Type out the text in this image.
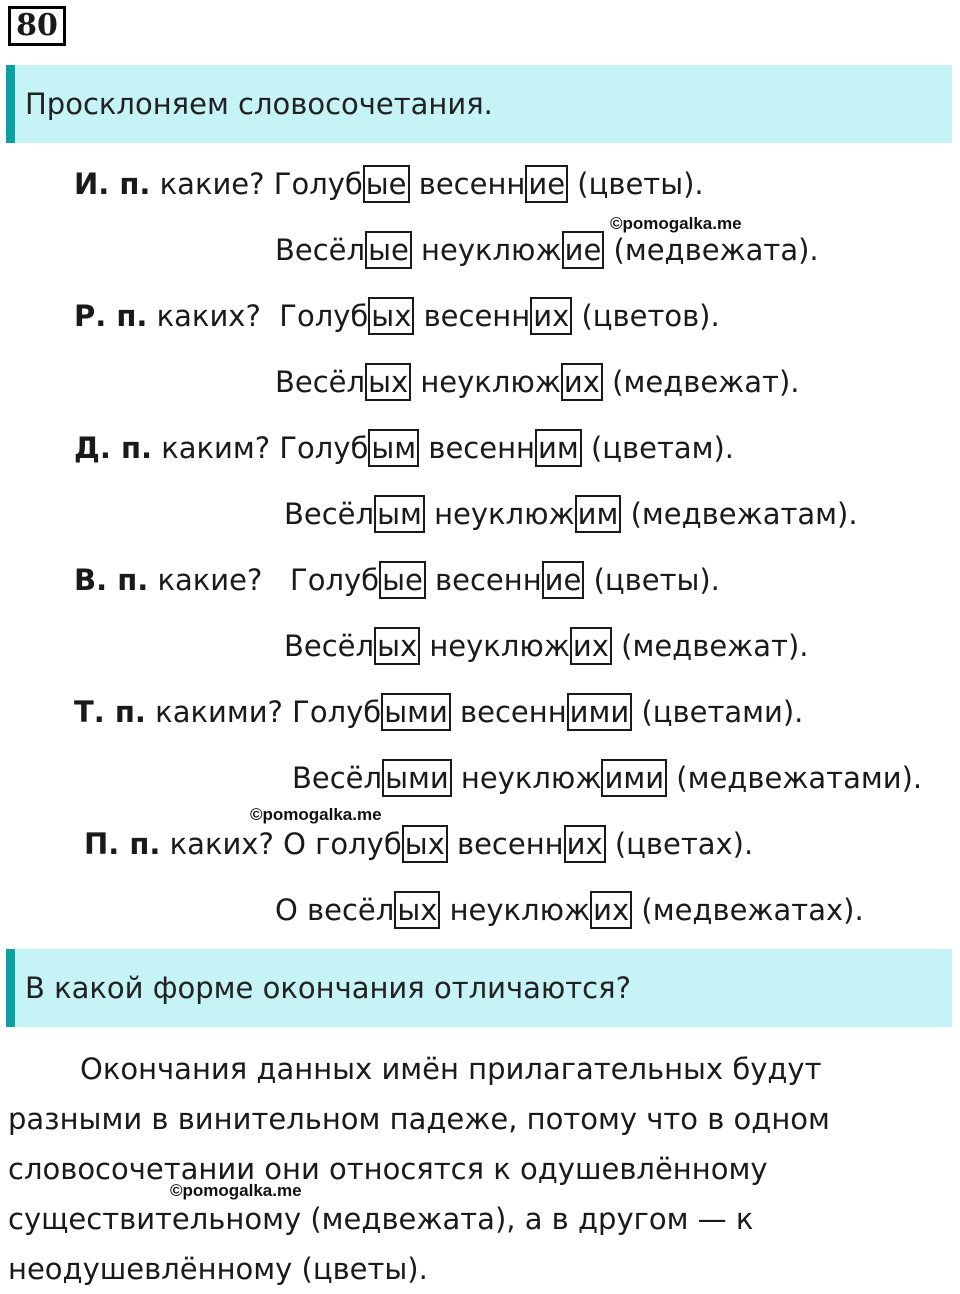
80
Просклоняем словосочетания.
И. п. какие? Голуб ые весенн ие (цветы).
©pomogalka.me
Весёл ые неуклюж ие (медвежата).
Р. п. каких?  Голуб ых весенн их (цветов).
Весёл ых неуклюж их (медвежат).
Д. п. каким? Голуб ым весенн им (цветам).
Весёл ым неуклюж им (медвежатам).
В. п. какие?   Голуб ые весенн ие (цветы).
Весёл ых неуклюж их (медвежат).
Т. п. какими? Голуб ыми весенн ими (цветами).
Весёл ыми неуклюж ими (медвежатами).
©pomogalka.me
П. п. каких? О голуб ых весенн их (цветах).
О весёл ых неуклюж их (медвежатах).
В какой форме окончания отличаются?
Окончания данных имён прилагательных будут
разными в винительном падеже, потому что в одном
словосочетании они относятся к одушевлённому
существительному (медвежата), а в другом — к
неодушевлённому (цветы).
©pomogalka.me
